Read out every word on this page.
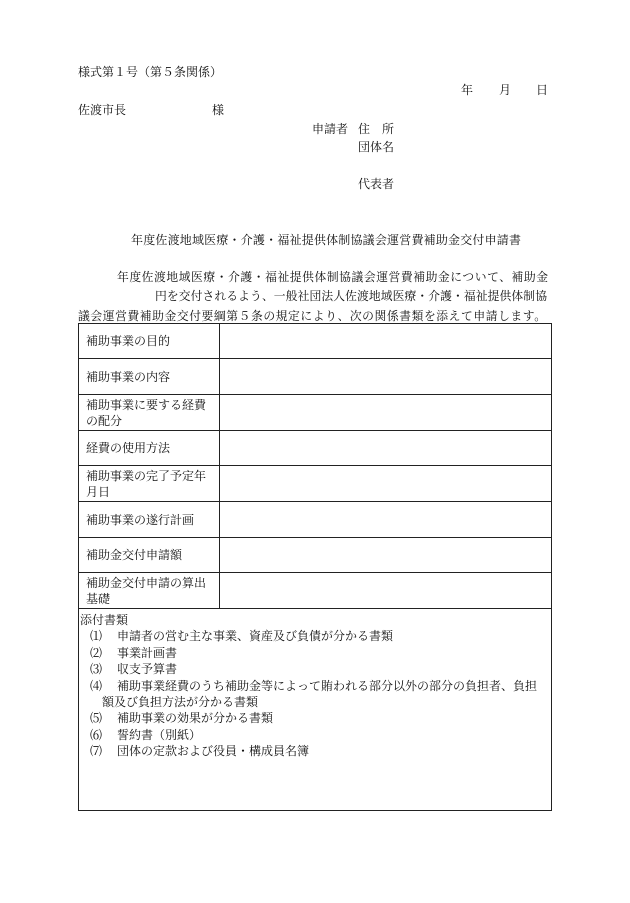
様式第１号（第５条関係）
年 月 日
佐渡市長	様
申請者 住　所
団体名
代表者
年度佐渡地域医療・介護・福祉提供体制協議会運営費補助金交付申請書
年度佐渡地域医療・介護・福祉提供体制協議会運営費補助金について、補助金
円を交付されるよう、一般社団法人佐渡地域医療・介護・福祉提供体制協
議会運営費補助金交付要綱第５条の規定により、次の関係書類を添えて申請します。
補助事業の目的
補助事業の内容
補助事業に要する経費
の配分
経費の使用方法
補助事業の完了予定年
月日
補助事業の遂行計画
補助金交付申請額
補助金交付申請の算出
基礎
添付書類
⑴ 申請者の営む主な事業、資産及び負債が分かる書類
⑵ 事業計画書
⑶ 収支予算書
⑷ 補助事業経費のうち補助金等によって賄われる部分以外の部分の負担者、負担
額及び負担方法が分かる書類
⑸ 補助事業の効果が分かる書類
⑹ 誓約書（別紙）
⑺ 団体の定款および役員・構成員名簿
